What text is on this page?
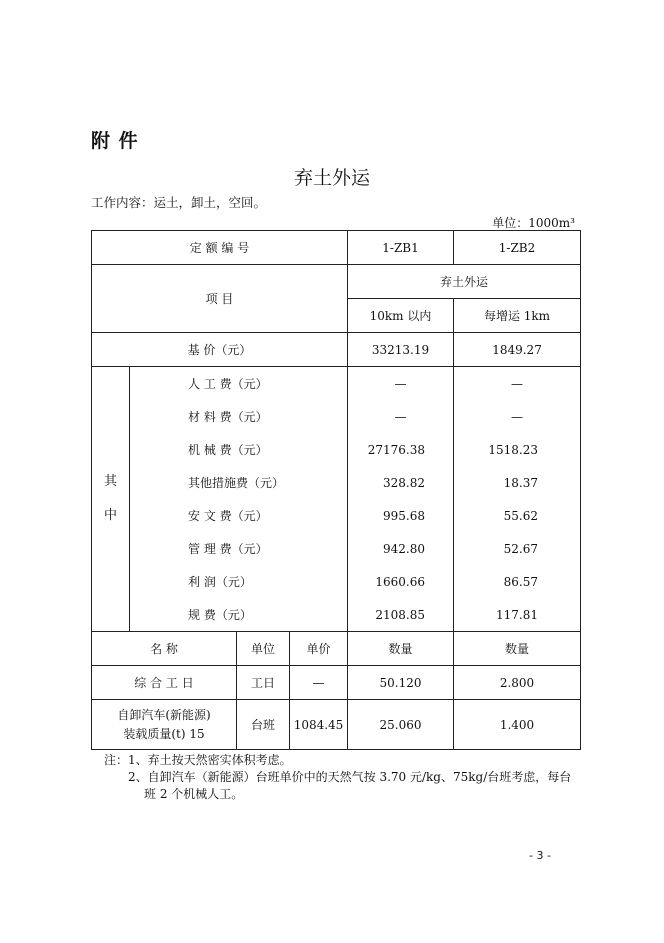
附 件
弃土外运
工作内容：运土，卸土，空回。
单位：1000m³
定 额 编 号				1-ZB1	1-ZB2
项 目				弃土外运	
				10km 以内	每增运 1km
基 价（元）				33213.19	1849.27
其
中	人 工 费（元）			—	—
	材 料 费（元）			—	—
	机 械 费（元）			27176.38	1518.23
	其他措施费（元）			328.82	18.37
	安 文 费（元）			995.68	55.62
	管 理 费（元）			942.80	52.67
	利 润（元）			1660.66	86.57
	规 费（元）			2108.85	117.81
名 称		单位	单价	数量	数量
综 合 工 日		工日	—	50.120	2.800
自卸汽车(新能源)
装载质量(t) 15		台班	1084.45	25.060	1.400
注：1、弃土按天然密实体积考虑。
2、自卸汽车（新能源）台班单价中的天然气按 3.70 元/kg、75kg/台班考虑，每台
班 2 个机械人工。
- 3 -
